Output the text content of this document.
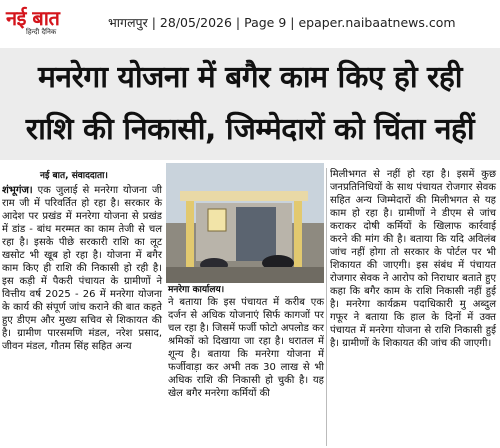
नई बात
हिन्दी दैनिक
भागलपुर | 28/05/2026 | Page 9 | epaper.naibaatnews.com
मनरेगा योजना में बगैर काम किए हो रही
राशि की निकासी, जिम्मेदारों को चिंता नहीं
नई बात, संवाददाता।

शंभूगंज। एक जुलाई से मनरेगा योजना जी राम जी में परिवर्तित हो रहा है। सरकार के आदेश पर प्रखंड में मनरेगा योजना से प्रखंड में डांड - बांध मरम्मत का काम तेजी से चल रहा है। इसके पीछे सरकारी राशि का लूट खसोट भी खूब हो रहा है। योजना में बगैर काम किए ही राशि की निकासी हो रही है। इस कड़ी में पैकरी पंचायत के ग्रामीणों ने वित्तीय वर्ष 2025 - 26 में मनरेगा योजना के कार्य की संपूर्ण जांच कराने की बात कहते हुए डीएम और मुख्य सचिव से शिकायत की है। ग्रामीण पारसमणि मंडल, नरेश प्रसाद, जीवन मंडल, गौतम सिंह सहित अन्य

मनरेगा कार्यालय।

ने बताया कि इस पंचायत में करीब एक दर्जन से अधिक योजनाएं सिर्फ कागजों पर चल रहा है। जिसमें फर्जी फोटो अपलोड कर श्रमिकों को दिखाया जा रहा है। धरातल में शून्य है। बताया कि मनरेगा योजना में फर्जीवाड़ा कर अभी तक 30 लाख से भी अधिक राशि की निकासी हो चुकी है। यह खेल बगैर मनरेगा कर्मियों की

मिलीभगत से नहीं हो रहा है। इसमें कुछ जनप्रतिनिधियों के साथ पंचायत रोजगार सेवक सहित अन्य जिम्मेदारों की मिलीभगत से यह काम हो रहा है। ग्रामीणों ने डीएम से जांच कराकर दोषी कर्मियों के खिलाफ कार्रवाई करने की मांग की है। बताया कि यदि अविलंब जांच नहीं होगा तो सरकार के पोर्टल पर भी शिकायत की जाएगी। इस संबंध में पंचायत रोजगार सेवक ने आरोप को निराधार बताते हुए कहा कि बगैर काम के राशि निकासी नहीं हुई है। मनरेगा कार्यक्रम पदाधिकारी मु अब्दुल गफूर ने बताया कि हाल के दिनों में उक्त पंचायत में मनरेगा योजना से राशि निकासी हुई है। ग्रामीणों के शिकायत की जांच की जाएगी।
